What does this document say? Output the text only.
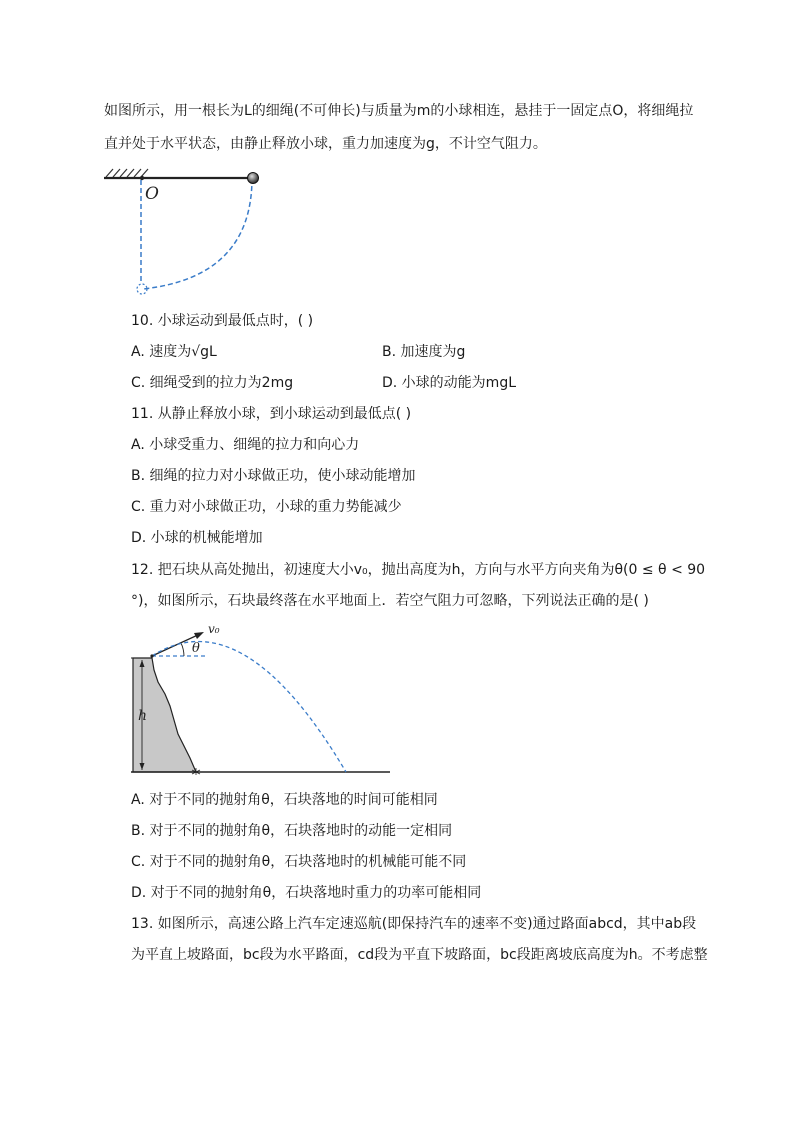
如图所示，用一根长为L的细绳(不可伸长)与质量为m的小球相连，悬挂于一固定点O，将细绳拉
直并处于水平状态，由静止释放小球，重力加速度为g，不计空气阻力。
O
10. 小球运动到最低点时，( )
A. 速度为√gL	B. 加速度为g
C. 细绳受到的拉力为2mg	D. 小球的动能为mgL
11. 从静止释放小球，到小球运动到最低点( )
A. 小球受重力、细绳的拉力和向心力
B. 细绳的拉力对小球做正功，使小球动能增加
C. 重力对小球做正功，小球的重力势能减少
D. 小球的机械能增加
12. 把石块从高处抛出，初速度大小v₀，抛出高度为h，方向与水平方向夹角为θ(0 ≤ θ < 90
°)，如图所示，石块最终落在水平地面上．若空气阻力可忽略，下列说法正确的是( )
h
v₀
θ
A. 对于不同的抛射角θ，石块落地的时间可能相同
B. 对于不同的抛射角θ，石块落地时的动能一定相同
C. 对于不同的抛射角θ，石块落地时的机械能可能不同
D. 对于不同的抛射角θ，石块落地时重力的功率可能相同
13. 如图所示，高速公路上汽车定速巡航(即保持汽车的速率不变)通过路面abcd，其中ab段
为平直上坡路面，bc段为水平路面，cd段为平直下坡路面，bc段距离坡底高度为h。不考虑整
